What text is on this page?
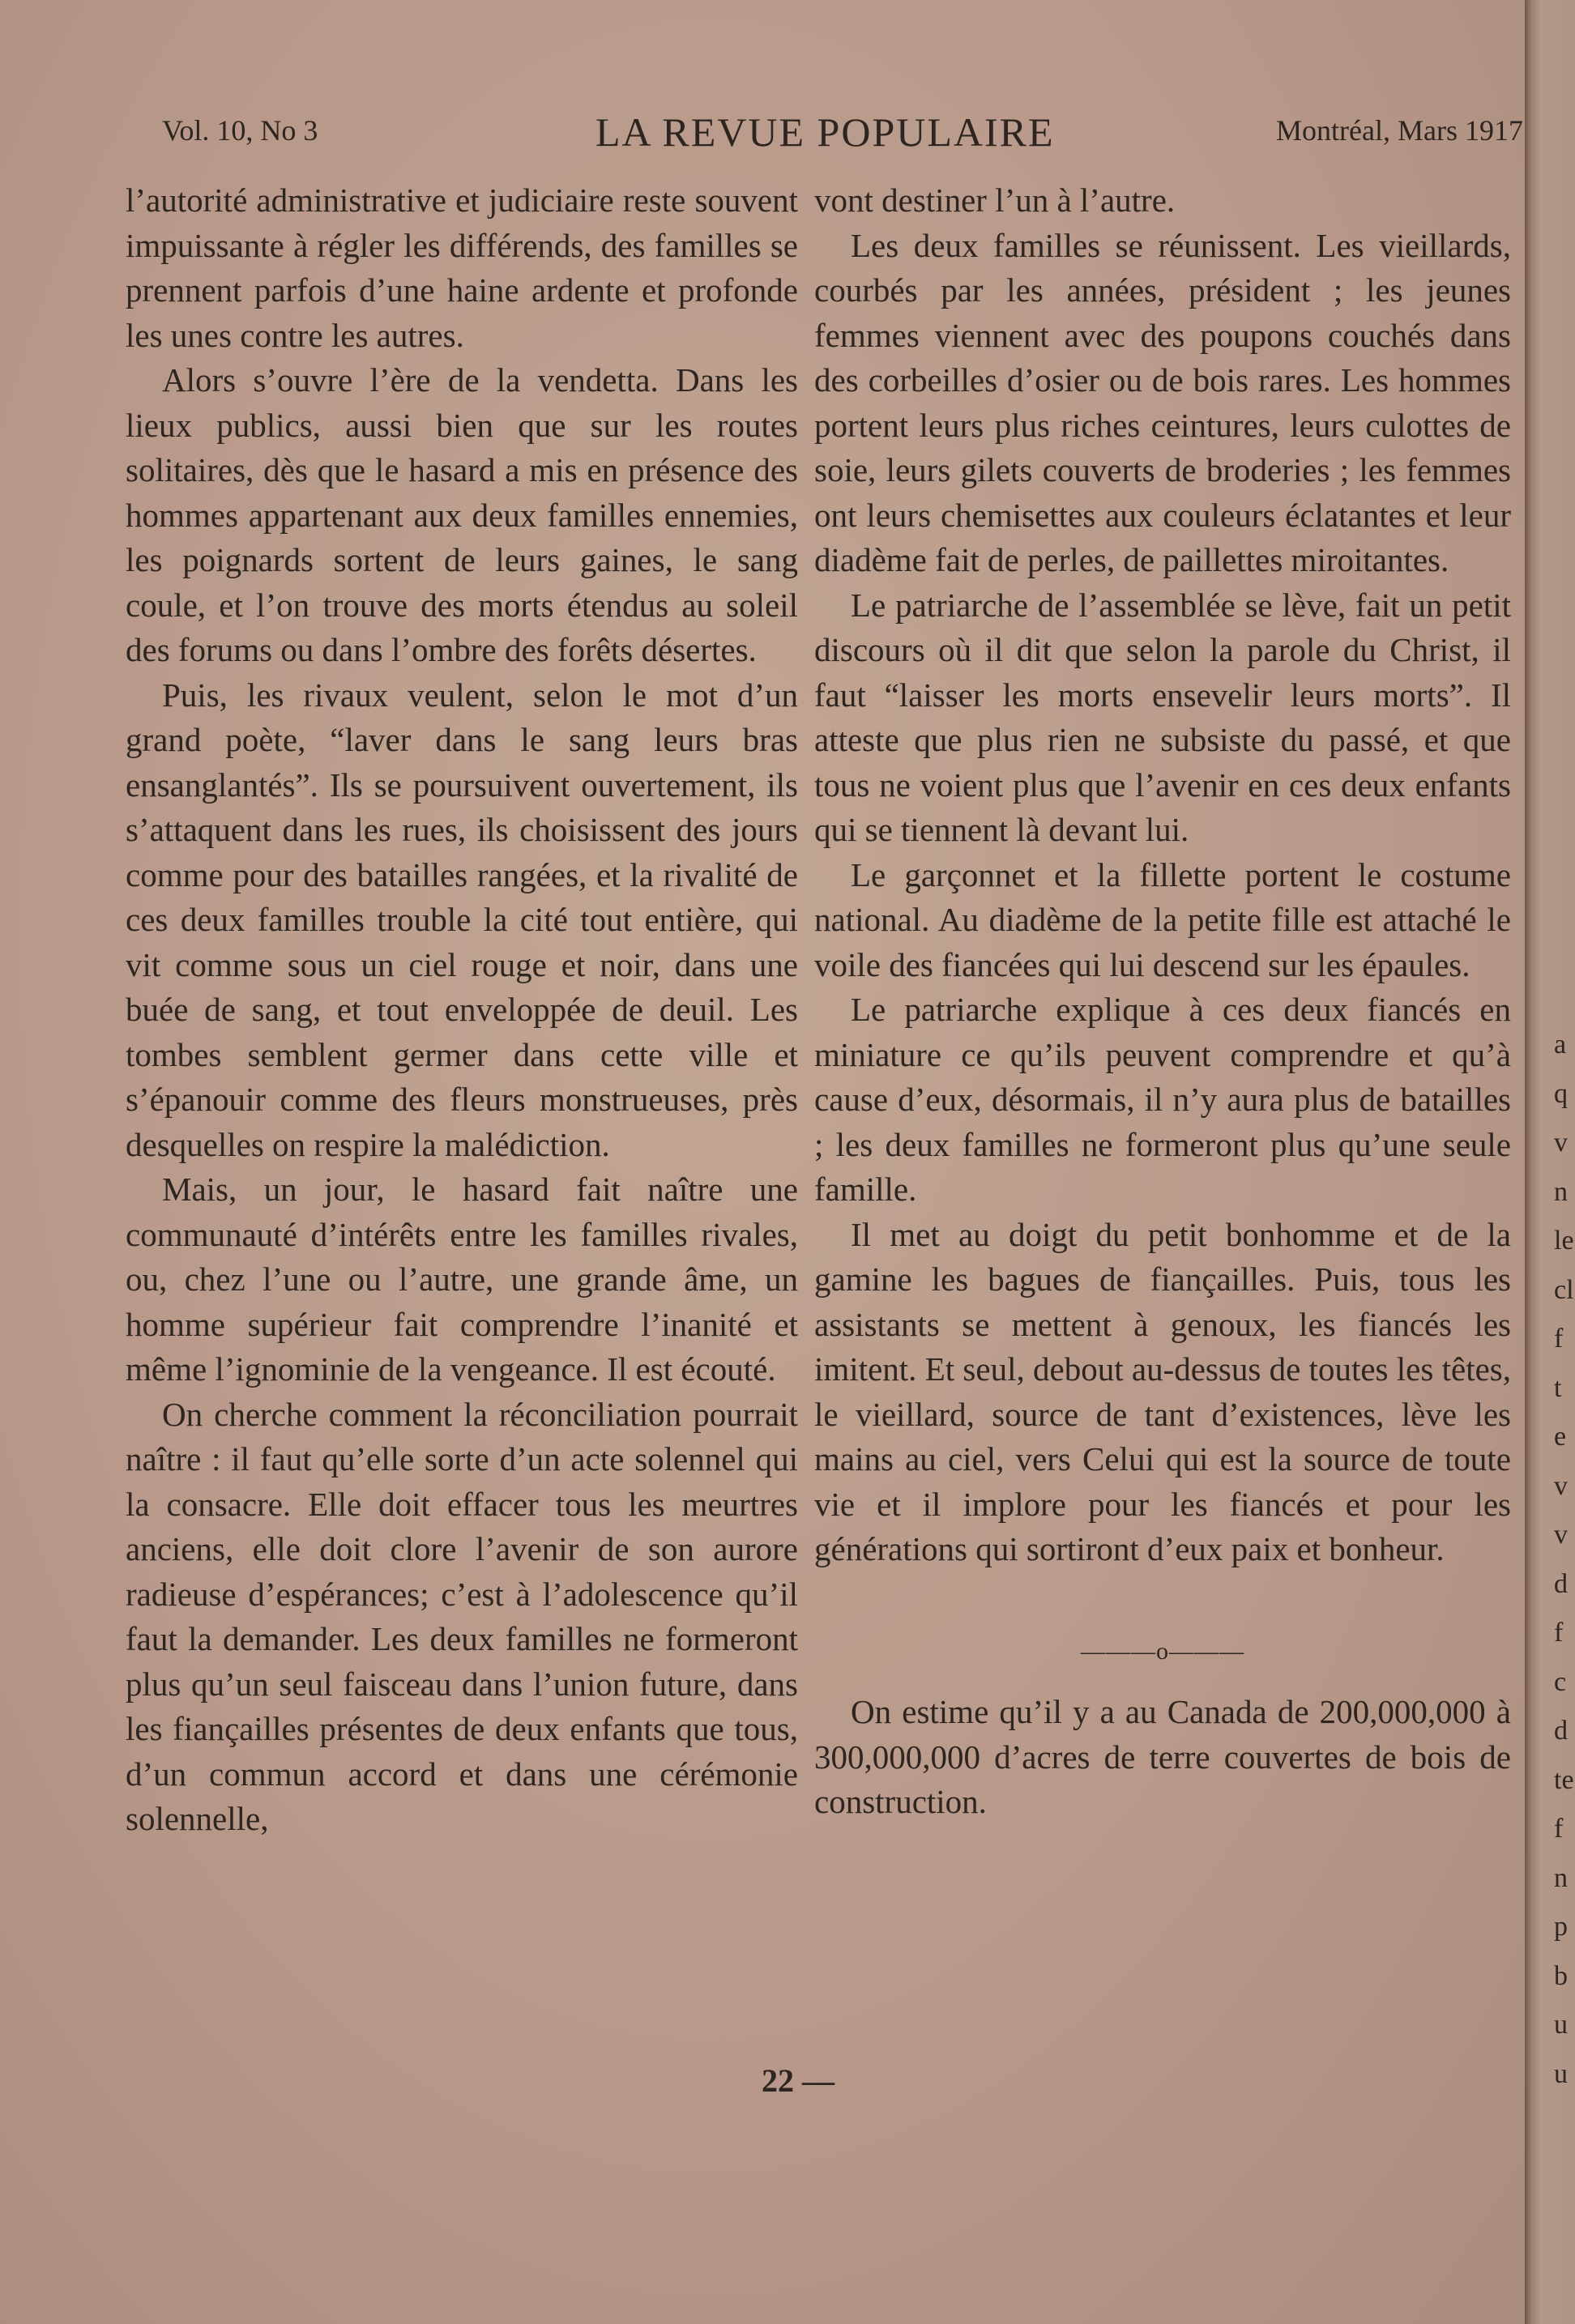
Vol. 10, No 3	LA REVUE POPULAIRE	Montréal, Mars 1917

l’autorité administrative et judiciaire reste souvent impuissante à régler les différends, des familles se prennent parfois d’une haine ardente et profonde les unes contre les autres.

Alors s’ouvre l’ère de la vendetta. Dans les lieux publics, aussi bien que sur les routes solitaires, dès que le hasard a mis en présence des hommes appartenant aux deux familles ennemies, les poignards sortent de leurs gaines, le sang coule, et l’on trouve des morts étendus au soleil des forums ou dans l’ombre des forêts désertes.

Puis, les rivaux veulent, selon le mot d’un grand poète, “laver dans le sang leurs bras ensanglantés”. Ils se poursuivent ouvertement, ils s’attaquent dans les rues, ils choisissent des jours comme pour des batailles rangées, et la rivalité de ces deux familles trouble la cité tout entière, qui vit comme sous un ciel rouge et noir, dans une buée de sang, et tout enveloppée de deuil. Les tombes semblent germer dans cette ville et s’épanouir comme des fleurs monstrueuses, près desquelles on respire la malédiction.

Mais, un jour, le hasard fait naître une communauté d’intérêts entre les familles rivales, ou, chez l’une ou l’autre, une grande âme, un homme supérieur fait comprendre l’inanité et même l’ignominie de la vengeance. Il est écouté.

On cherche comment la réconciliation pourrait naître : il faut qu’elle sorte d’un acte solennel qui la consacre. Elle doit effacer tous les meurtres anciens, elle doit clore l’avenir de son aurore radieuse d’espérances; c’est à l’adolescence qu’il faut la demander. Les deux familles ne formeront plus qu’un seul faisceau dans l’union future, dans les fiançailles présentes de deux enfants que tous, d’un commun accord et dans une cérémonie solennelle,

vont destiner l’un à l’autre.

Les deux familles se réunissent. Les vieillards, courbés par les années, président ; les jeunes femmes viennent avec des poupons couchés dans des corbeilles d’osier ou de bois rares. Les hommes portent leurs plus riches ceintures, leurs culottes de soie, leurs gilets couverts de broderies ; les femmes ont leurs chemisettes aux couleurs éclatantes et leur diadème fait de perles, de paillettes miroitantes.

Le patriarche de l’assemblée se lève, fait un petit discours où il dit que selon la parole du Christ, il faut “laisser les morts ensevelir leurs morts”. Il atteste que plus rien ne subsiste du passé, et que tous ne voient plus que l’avenir en ces deux enfants qui se tiennent là devant lui.

Le garçonnet et la fillette portent le costume national. Au diadème de la petite fille est attaché le voile des fiancées qui lui descend sur les épaules.

Le patriarche explique à ces deux fiancés en miniature ce qu’ils peuvent comprendre et qu’à cause d’eux, désormais, il n’y aura plus de batailles ; les deux familles ne formeront plus qu’une seule famille.

Il met au doigt du petit bonhomme et de la gamine les bagues de fiançailles. Puis, tous les assistants se mettent à genoux, les fiancés les imitent. Et seul, debout au-dessus de toutes les têtes, le vieillard, source de tant d’existences, lève les mains au ciel, vers Celui qui est la source de toute vie et il implore pour les fiancés et pour les générations qui sortiront d’eux paix et bonheur.

———o———

On estime qu’il y a au Canada de 200,000,000 à 300,000,000 d’acres de terre couvertes de bois de construction.

22 —
a
q
v
n
le
cl
f
t
e
v
v
d
f
c
d
te
f
n
p
b
u
u
